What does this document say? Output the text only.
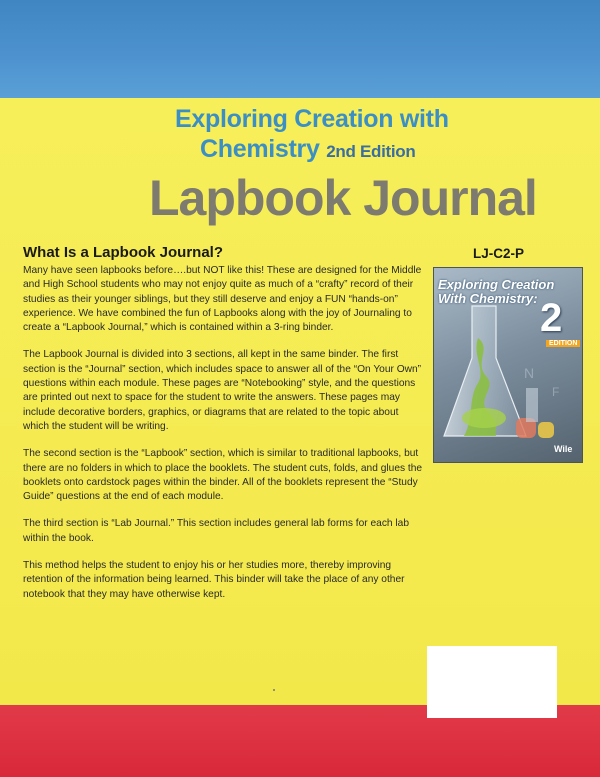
Exploring Creation with
Chemistry 2nd Edition
Lapbook Journal
What Is a Lapbook Journal?

Many have seen lapbooks before….but NOT like this! These are designed for the Middle and High School students who may not enjoy quite as much of a “crafty” record of their studies as their younger siblings, but they still deserve and enjoy a FUN “hands-on” experience. We have combined the fun of Lapbooks along with the joy of Journaling to create a “Lapbook Journal,” which is contained within a 3-ring binder.

The Lapbook Journal is divided into 3 sections, all kept in the same binder. The first section is the “Journal” section, which includes space to answer all of the “On Your Own” questions within each module. These pages are “Notebooking” style, and the questions are printed out next to space for the student to write the answers. These pages may include decorative borders, graphics, or diagrams that are related to the topic about which the student will be writing.

The second section is the “Lapbook” section, which is similar to traditional lapbooks, but there are no folders in which to place the booklets. The student cuts, folds, and glues the booklets onto cardstock pages within the binder. All of the booklets represent the “Study Guide” questions at the end of each module.

The third section is “Lab Journal.” This section includes general lab forms for each lab within the book.

This method helps the student to enjoy his or her studies more, thereby improving retention of the information being learned. This binder will take the place of any other notebook that they may have otherwise kept.

LJ-C2-P
N
F
Exploring Creation With Chemistry: 2
EDITION
Wile
